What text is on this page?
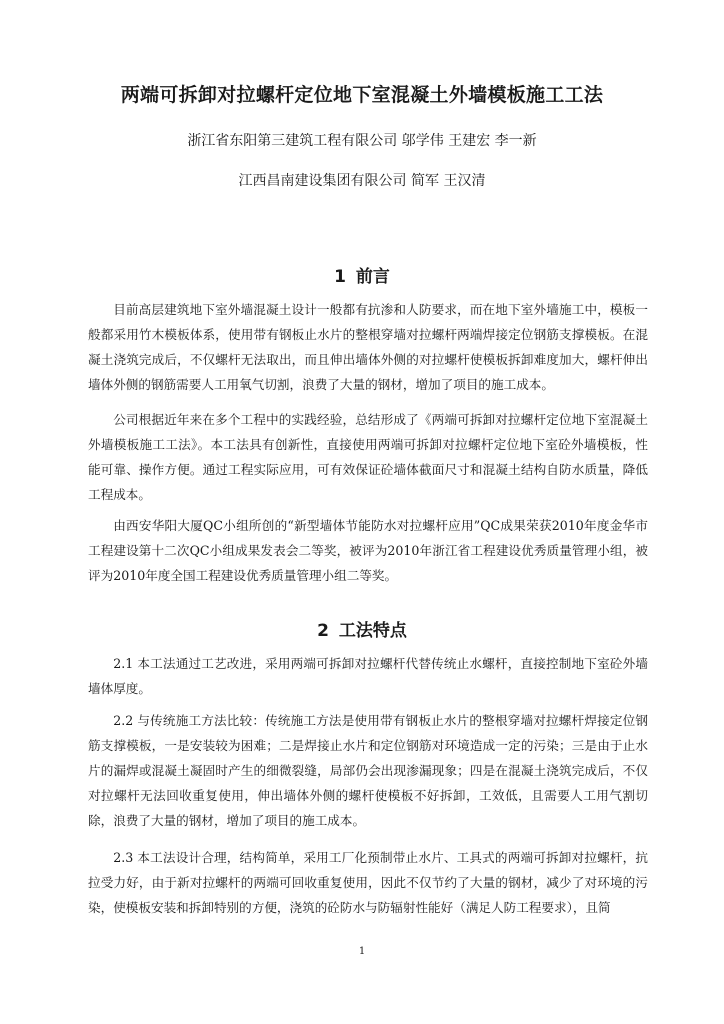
两端可拆卸对拉螺杆定位地下室混凝土外墙模板施工工法
浙江省东阳第三建筑工程有限公司 邬学伟 王建宏 李一新
江西昌南建设集团有限公司 简军 王汉清
1 前言

目前高层建筑地下室外墙混凝土设计一般都有抗渗和人防要求，而在地下室外墙施工中，模板一般都采用竹木模板体系，使用带有钢板止水片的整根穿墙对拉螺杆两端焊接定位钢筋支撑模板。在混凝土浇筑完成后，不仅螺杆无法取出，而且伸出墙体外侧的对拉螺杆使模板拆卸难度加大，螺杆伸出墙体外侧的钢筋需要人工用氧气切割，浪费了大量的钢材，增加了项目的施工成本。

公司根据近年来在多个工程中的实践经验，总结形成了《两端可拆卸对拉螺杆定位地下室混凝土外墙模板施工工法》。本工法具有创新性，直接使用两端可拆卸对拉螺杆定位地下室砼外墙模板，性能可靠、操作方便。通过工程实际应用，可有效保证砼墙体截面尺寸和混凝土结构自防水质量，降低工程成本。

由西安华阳大厦QC小组所创的“新型墙体节能防水对拉螺杆应用”QC成果荣获2010年度金华市工程建设第十二次QC小组成果发表会二等奖，被评为2010年浙江省工程建设优秀质量管理小组，被评为2010年度全国工程建设优秀质量管理小组二等奖。

2 工法特点

2.1 本工法通过工艺改进，采用两端可拆卸对拉螺杆代替传统止水螺杆，直接控制地下室砼外墙墙体厚度。

2.2 与传统施工方法比较：传统施工方法是使用带有钢板止水片的整根穿墙对拉螺杆焊接定位钢筋支撑模板，一是安装较为困难；二是焊接止水片和定位钢筋对环境造成一定的污染；三是由于止水片的漏焊或混凝土凝固时产生的细微裂缝，局部仍会出现渗漏现象；四是在混凝土浇筑完成后，不仅对拉螺杆无法回收重复使用，伸出墙体外侧的螺杆使模板不好拆卸，工效低，且需要人工用气割切除，浪费了大量的钢材，增加了项目的施工成本。

2.3 本工法设计合理，结构简单，采用工厂化预制带止水片、工具式的两端可拆卸对拉螺杆，抗拉受力好，由于新对拉螺杆的两端可回收重复使用，因此不仅节约了大量的钢材，减少了对环境的污染，使模板安装和拆卸特别的方便，浇筑的砼防水与防辐射性能好（满足人防工程要求），且简

1
